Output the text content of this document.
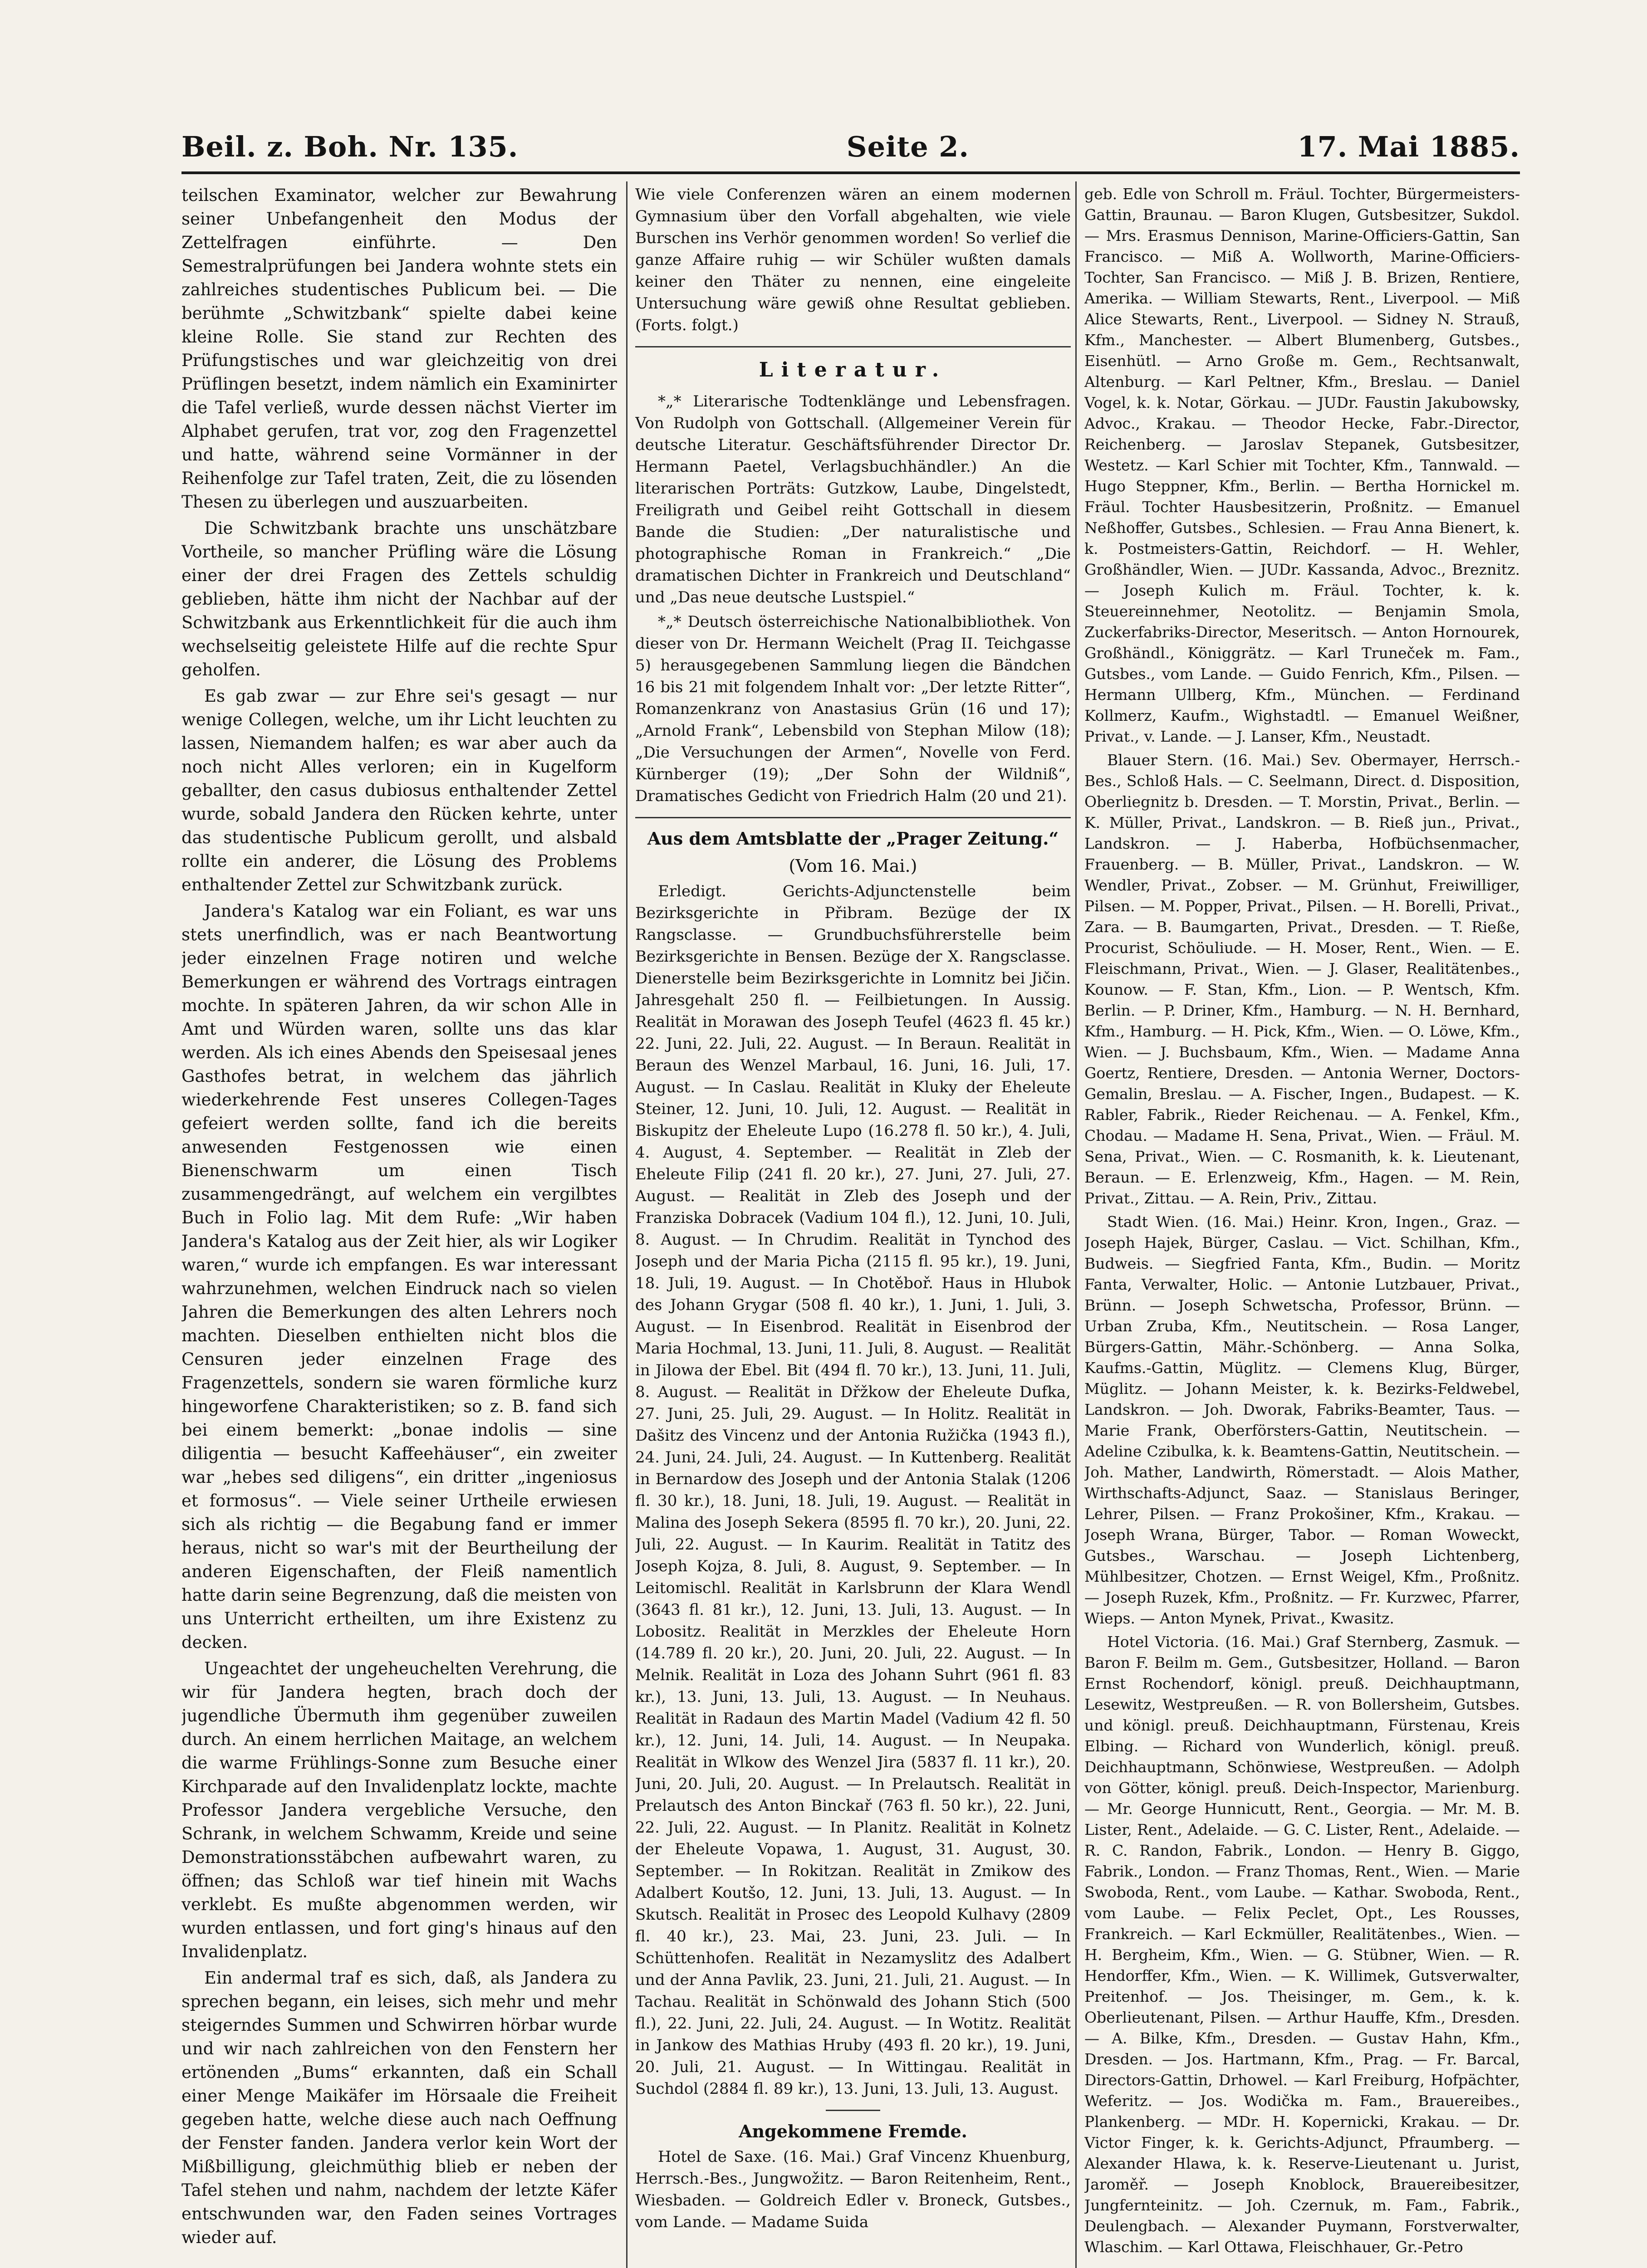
Beil. z. Boh. Nr. 135.	Seite 2.	17. Mai 1885.

teilschen Examinator, welcher zur Bewahrung seiner Unbefangenheit den Modus der Zettelfragen einführte. — Den Semestralprüfungen bei Jandera wohnte stets ein zahlreiches studentisches Publicum bei. — Die berühmte „Schwitzbank“ spielte dabei keine kleine Rolle. Sie stand zur Rechten des Prüfungstisches und war gleichzeitig von drei Prüflingen besetzt, indem nämlich ein Examinirter die Tafel verließ, wurde dessen nächst Vierter im Alphabet gerufen, trat vor, zog den Fragenzettel und hatte, während seine Vormänner in der Reihenfolge zur Tafel traten, Zeit, die zu lösenden Thesen zu überlegen und auszuarbeiten.

Die Schwitzbank brachte uns unschätzbare Vortheile, so mancher Prüfling wäre die Lösung einer der drei Fragen des Zettels schuldig geblieben, hätte ihm nicht der Nachbar auf der Schwitzbank aus Erkenntlichkeit für die auch ihm wechselseitig geleistete Hilfe auf die rechte Spur geholfen.

Es gab zwar — zur Ehre sei's gesagt — nur wenige Collegen, welche, um ihr Licht leuchten zu lassen, Niemandem halfen; es war aber auch da noch nicht Alles verloren; ein in Kugelform geballter, den casus dubiosus enthaltender Zettel wurde, sobald Jandera den Rücken kehrte, unter das studentische Publicum gerollt, und alsbald rollte ein anderer, die Lösung des Problems enthaltender Zettel zur Schwitzbank zurück.

Jandera's Katalog war ein Foliant, es war uns stets unerfindlich, was er nach Beantwortung jeder einzelnen Frage notiren und welche Bemerkungen er während des Vortrags eintragen mochte. In späteren Jahren, da wir schon Alle in Amt und Würden waren, sollte uns das klar werden. Als ich eines Abends den Speisesaal jenes Gasthofes betrat, in welchem das jährlich wiederkehrende Fest unseres Collegen-Tages gefeiert werden sollte, fand ich die bereits anwesenden Festgenossen wie einen Bienenschwarm um einen Tisch zusammengedrängt, auf welchem ein vergilbtes Buch in Folio lag. Mit dem Rufe: „Wir haben Jandera's Katalog aus der Zeit hier, als wir Logiker waren,“ wurde ich empfangen. Es war interessant wahrzunehmen, welchen Eindruck nach so vielen Jahren die Bemerkungen des alten Lehrers noch machten. Dieselben enthielten nicht blos die Censuren jeder einzelnen Frage des Fragenzettels, sondern sie waren förmliche kurz hingeworfene Charakteristiken; so z. B. fand sich bei einem bemerkt: „bonae indolis — sine diligentia — besucht Kaffeehäuser“, ein zweiter war „hebes sed diligens“, ein dritter „ingeniosus et formosus“. — Viele seiner Urtheile erwiesen sich als richtig — die Begabung fand er immer heraus, nicht so war's mit der Beurtheilung der anderen Eigenschaften, der Fleiß namentlich hatte darin seine Begrenzung, daß die meisten von uns Unterricht ertheilten, um ihre Existenz zu decken.

Ungeachtet der ungeheuchelten Verehrung, die wir für Jandera hegten, brach doch der jugendliche Übermuth ihm gegenüber zuweilen durch. An einem herrlichen Maitage, an welchem die warme Frühlings-Sonne zum Besuche einer Kirchparade auf den Invalidenplatz lockte, machte Professor Jandera vergebliche Versuche, den Schrank, in welchem Schwamm, Kreide und seine Demonstrationsstäbchen aufbewahrt waren, zu öffnen; das Schloß war tief hinein mit Wachs verklebt. Es mußte abgenommen werden, wir wurden entlassen, und fort ging's hinaus auf den Invalidenplatz.

Ein andermal traf es sich, daß, als Jandera zu sprechen begann, ein leises, sich mehr und mehr steigerndes Summen und Schwirren hörbar wurde und wir nach zahlreichen von den Fenstern her ertönenden „Bums“ erkannten, daß ein Schall einer Menge Maikäfer im Hörsaale die Freiheit gegeben hatte, welche diese auch nach Oeffnung der Fenster fanden. Jandera verlor kein Wort der Mißbilligung, gleichmüthig blieb er neben der Tafel stehen und nahm, nachdem der letzte Käfer entschwunden war, den Faden seines Vortrages wieder auf.

Wie viele Conferenzen wären an einem modernen Gymnasium über den Vorfall abgehalten, wie viele Burschen ins Verhör genommen worden! So verlief die ganze Affaire ruhig — wir Schüler wußten damals keiner den Thäter zu nennen, eine eingeleite Untersuchung wäre gewiß ohne Resultat geblieben. (Forts. folgt.)

Literatur.

*„* Literarische Todtenklänge und Lebensfragen. Von Rudolph von Gottschall. (Allgemeiner Verein für deutsche Literatur. Geschäftsführender Director Dr. Hermann Paetel, Verlagsbuchhändler.) An die literarischen Porträts: Gutzkow, Laube, Dingelstedt, Freiligrath und Geibel reiht Gottschall in diesem Bande die Studien: „Der naturalistische und photographische Roman in Frankreich.“ „Die dramatischen Dichter in Frankreich und Deutschland“ und „Das neue deutsche Lustspiel.“

*„* Deutsch österreichische Nationalbibliothek. Von dieser von Dr. Hermann Weichelt (Prag II. Teichgasse 5) herausgegebenen Sammlung liegen die Bändchen 16 bis 21 mit folgendem Inhalt vor: „Der letzte Ritter“, Romanzenkranz von Anastasius Grün (16 und 17); „Arnold Frank“, Lebensbild von Stephan Milow (18); „Die Versuchungen der Armen“, Novelle von Ferd. Kürnberger (19); „Der Sohn der Wildniß“, Dramatisches Gedicht von Friedrich Halm (20 und 21).

Aus dem Amtsblatte der „Prager Zeitung.“
(Vom 16. Mai.)

Erledigt. Gerichts-Adjunctenstelle beim Bezirksgerichte in Přibram. Bezüge der IX Rangsclasse. — Grundbuchsführerstelle beim Bezirksgerichte in Bensen. Bezüge der X. Rangsclasse. Dienerstelle beim Bezirksgerichte in Lomnitz bei Jičin. Jahresgehalt 250 fl. — Feilbietungen. In Aussig. Realität in Morawan des Joseph Teufel (4623 fl. 45 kr.) 22. Juni, 22. Juli, 22. August. — In Beraun. Realität in Beraun des Wenzel Marbaul, 16. Juni, 16. Juli, 17. August. — In Caslau. Realität in Kluky der Eheleute Steiner, 12. Juni, 10. Juli, 12. August. — Realität in Biskupitz der Eheleute Lupo (16.278 fl. 50 kr.), 4. Juli, 4. August, 4. September. — Realität in Zleb der Eheleute Filip (241 fl. 20 kr.), 27. Juni, 27. Juli, 27. August. — Realität in Zleb des Joseph und der Franziska Dobracek (Vadium 104 fl.), 12. Juni, 10. Juli, 8. August. — In Chrudim. Realität in Tynchod des Joseph und der Maria Picha (2115 fl. 95 kr.), 19. Juni, 18. Juli, 19. August. — In Chotěboř. Haus in Hlubok des Johann Grygar (508 fl. 40 kr.), 1. Juni, 1. Juli, 3. August. — In Eisenbrod. Realität in Eisenbrod der Maria Hochmal, 13. Juni, 11. Juli, 8. August. — Realität in Jilowa der Ebel. Bit (494 fl. 70 kr.), 13. Juni, 11. Juli, 8. August. — Realität in Dřžkow der Eheleute Dufka, 27. Juni, 25. Juli, 29. August. — In Holitz. Realität in Dašitz des Vincenz und der Antonia Ružička (1943 fl.), 24. Juni, 24. Juli, 24. August. — In Kuttenberg. Realität in Bernardow des Joseph und der Antonia Stalak (1206 fl. 30 kr.), 18. Juni, 18. Juli, 19. August. — Realität in Malina des Joseph Sekera (8595 fl. 70 kr.), 20. Juni, 22. Juli, 22. August. — In Kaurim. Realität in Tatitz des Joseph Kojza, 8. Juli, 8. August, 9. September. — In Leitomischl. Realität in Karlsbrunn der Klara Wendl (3643 fl. 81 kr.), 12. Juni, 13. Juli, 13. August. — In Lobositz. Realität in Merzkles der Eheleute Horn (14.789 fl. 20 kr.), 20. Juni, 20. Juli, 22. August. — In Melnik. Realität in Loza des Johann Suhrt (961 fl. 83 kr.), 13. Juni, 13. Juli, 13. August. — In Neuhaus. Realität in Radaun des Martin Madel (Vadium 42 fl. 50 kr.), 12. Juni, 14. Juli, 14. August. — In Neupaka. Realität in Wlkow des Wenzel Jira (5837 fl. 11 kr.), 20. Juni, 20. Juli, 20. August. — In Prelautsch. Realität in Prelautsch des Anton Binckař (763 fl. 50 kr.), 22. Juni, 22. Juli, 22. August. — In Planitz. Realität in Kolnetz der Eheleute Vopawa, 1. August, 31. August, 30. September. — In Rokitzan. Realität in Zmikow des Adalbert Koutšo, 12. Juni, 13. Juli, 13. August. — In Skutsch. Realität in Prosec des Leopold Kulhavy (2809 fl. 40 kr.), 23. Mai, 23. Juni, 23. Juli. — In Schüttenhofen. Realität in Nezamyslitz des Adalbert und der Anna Pavlik, 23. Juni, 21. Juli, 21. August. — In Tachau. Realität in Schönwald des Johann Stich (500 fl.), 22. Juni, 22. Juli, 24. August. — In Wotitz. Realität in Jankow des Mathias Hruby (493 fl. 20 kr.), 19. Juni, 20. Juli, 21. August. — In Wittingau. Realität in Suchdol (2884 fl. 89 kr.), 13. Juni, 13. Juli, 13. August.

Angekommene Fremde.

Hotel de Saxe. (16. Mai.) Graf Vincenz Khuenburg, Herrsch.-Bes., Jungwožitz. — Baron Reitenheim, Rent., Wiesbaden. — Goldreich Edler v. Broneck, Gutsbes., vom Lande. — Madame Suida

geb. Edle von Schroll m. Fräul. Tochter, Bürgermeisters-Gattin, Braunau. — Baron Klugen, Gutsbesitzer, Sukdol. — Mrs. Erasmus Dennison, Marine-Officiers-Gattin, San Francisco. — Miß A. Wollworth, Marine-Officiers-Tochter, San Francisco. — Miß J. B. Brizen, Rentiere, Amerika. — William Stewarts, Rent., Liverpool. — Miß Alice Stewarts, Rent., Liverpool. — Sidney N. Strauß, Kfm., Manchester. — Albert Blumenberg, Gutsbes., Eisenhütl. — Arno Große m. Gem., Rechtsanwalt, Altenburg. — Karl Peltner, Kfm., Breslau. — Daniel Vogel, k. k. Notar, Görkau. — JUDr. Faustin Jakubowsky, Advoc., Krakau. — Theodor Hecke, Fabr.-Director, Reichenberg. — Jaroslav Stepanek, Gutsbesitzer, Westetz. — Karl Schier mit Tochter, Kfm., Tannwald. — Hugo Steppner, Kfm., Berlin. — Bertha Hornickel m. Fräul. Tochter Hausbesitzerin, Proßnitz. — Emanuel Neßhoffer, Gutsbes., Schlesien. — Frau Anna Bienert, k. k. Postmeisters-Gattin, Reichdorf. — H. Wehler, Großhändler, Wien. — JUDr. Kassanda, Advoc., Breznitz. — Joseph Kulich m. Fräul. Tochter, k. k. Steuereinnehmer, Neotolitz. — Benjamin Smola, Zuckerfabriks-Director, Meseritsch. — Anton Hornourek, Großhändl., Königgrätz. — Karl Truneček m. Fam., Gutsbes., vom Lande. — Guido Fenrich, Kfm., Pilsen. — Hermann Ullberg, Kfm., München. — Ferdinand Kollmerz, Kaufm., Wighstadtl. — Emanuel Weißner, Privat., v. Lande. — J. Lanser, Kfm., Neustadt.

Blauer Stern. (16. Mai.) Sev. Obermayer, Herrsch.-Bes., Schloß Hals. — C. Seelmann, Direct. d. Disposition, Oberliegnitz b. Dresden. — T. Morstin, Privat., Berlin. — K. Müller, Privat., Landskron. — B. Rieß jun., Privat., Landskron. — J. Haberba, Hofbüchsenmacher, Frauenberg. — B. Müller, Privat., Landskron. — W. Wendler, Privat., Zobser. — M. Grünhut, Freiwilliger, Pilsen. — M. Popper, Privat., Pilsen. — H. Borelli, Privat., Zara. — B. Baumgarten, Privat., Dresden. — T. Rieße, Procurist, Schöuliude. — H. Moser, Rent., Wien. — E. Fleischmann, Privat., Wien. — J. Glaser, Realitätenbes., Kounow. — F. Stan, Kfm., Lion. — P. Wentsch, Kfm. Berlin. — P. Driner, Kfm., Hamburg. — N. H. Bernhard, Kfm., Hamburg. — H. Pick, Kfm., Wien. — O. Löwe, Kfm., Wien. — J. Buchsbaum, Kfm., Wien. — Madame Anna Goertz, Rentiere, Dresden. — Antonia Werner, Doctors-Gemalin, Breslau. — A. Fischer, Ingen., Budapest. — K. Rabler, Fabrik., Rieder Reichenau. — A. Fenkel, Kfm., Chodau. — Madame H. Sena, Privat., Wien. — Fräul. M. Sena, Privat., Wien. — C. Rosmanith, k. k. Lieutenant, Beraun. — E. Erlenzweig, Kfm., Hagen. — M. Rein, Privat., Zittau. — A. Rein, Priv., Zittau.

Stadt Wien. (16. Mai.) Heinr. Kron, Ingen., Graz. — Joseph Hajek, Bürger, Caslau. — Vict. Schilhan, Kfm., Budweis. — Siegfried Fanta, Kfm., Budin. — Moritz Fanta, Verwalter, Holic. — Antonie Lutzbauer, Privat., Brünn. — Joseph Schwetscha, Professor, Brünn. — Urban Zruba, Kfm., Neutitschein. — Rosa Langer, Bürgers-Gattin, Mähr.-Schönberg. — Anna Solka, Kaufms.-Gattin, Müglitz. — Clemens Klug, Bürger, Müglitz. — Johann Meister, k. k. Bezirks-Feldwebel, Landskron. — Joh. Dworak, Fabriks-Beamter, Taus. — Marie Frank, Oberförsters-Gattin, Neutitschein. — Adeline Czibulka, k. k. Beamtens-Gattin, Neutitschein. — Joh. Mather, Landwirth, Römerstadt. — Alois Mather, Wirthschafts-Adjunct, Saaz. — Stanislaus Beringer, Lehrer, Pilsen. — Franz Prokošiner, Kfm., Krakau. — Joseph Wrana, Bürger, Tabor. — Roman Woweckt, Gutsbes., Warschau. — Joseph Lichtenberg, Mühlbesitzer, Chotzen. — Ernst Weigel, Kfm., Proßnitz. — Joseph Ruzek, Kfm., Proßnitz. — Fr. Kurzwec, Pfarrer, Wieps. — Anton Mynek, Privat., Kwasitz.

Hotel Victoria. (16. Mai.) Graf Sternberg, Zasmuk. — Baron F. Beilm m. Gem., Gutsbesitzer, Holland. — Baron Ernst Rochendorf, königl. preuß. Deichhauptmann, Lesewitz, Westpreußen. — R. von Bollersheim, Gutsbes. und königl. preuß. Deichhauptmann, Fürstenau, Kreis Elbing. — Richard von Wunderlich, königl. preuß. Deichhauptmann, Schönwiese, Westpreußen. — Adolph von Götter, königl. preuß. Deich-Inspector, Marienburg. — Mr. George Hunnicutt, Rent., Georgia. — Mr. M. B. Lister, Rent., Adelaide. — G. C. Lister, Rent., Adelaide. — R. C. Randon, Fabrik., London. — Henry B. Giggo, Fabrik., London. — Franz Thomas, Rent., Wien. — Marie Swoboda, Rent., vom Laube. — Kathar. Swoboda, Rent., vom Laube. — Felix Peclet, Opt., Les Rousses, Frankreich. — Karl Eckmüller, Realitätenbes., Wien. — H. Bergheim, Kfm., Wien. — G. Stübner, Wien. — R. Hendorffer, Kfm., Wien. — K. Willimek, Gutsverwalter, Preitenhof. — Jos. Theisinger, m. Gem., k. k. Oberlieutenant, Pilsen. — Arthur Hauffe, Kfm., Dresden. — A. Bilke, Kfm., Dresden. — Gustav Hahn, Kfm., Dresden. — Jos. Hartmann, Kfm., Prag. — Fr. Barcal, Directors-Gattin, Drhowel. — Karl Freiburg, Hofpächter, Weferitz. — Jos. Wodička m. Fam., Brauereibes., Plankenberg. — MDr. H. Kopernicki, Krakau. — Dr. Victor Finger, k. k. Gerichts-Adjunct, Pfraumberg. — Alexander Hlawa, k. k. Reserve-Lieutenant u. Jurist, Jaroměř. — Joseph Knoblock, Brauereibesitzer, Jungfernteinitz. — Joh. Czernuk, m. Fam., Fabrik., Deulengbach. — Alexander Puymann, Forstverwalter, Wlaschim. — Karl Ottawa, Fleischhauer, Gr.-Petro
